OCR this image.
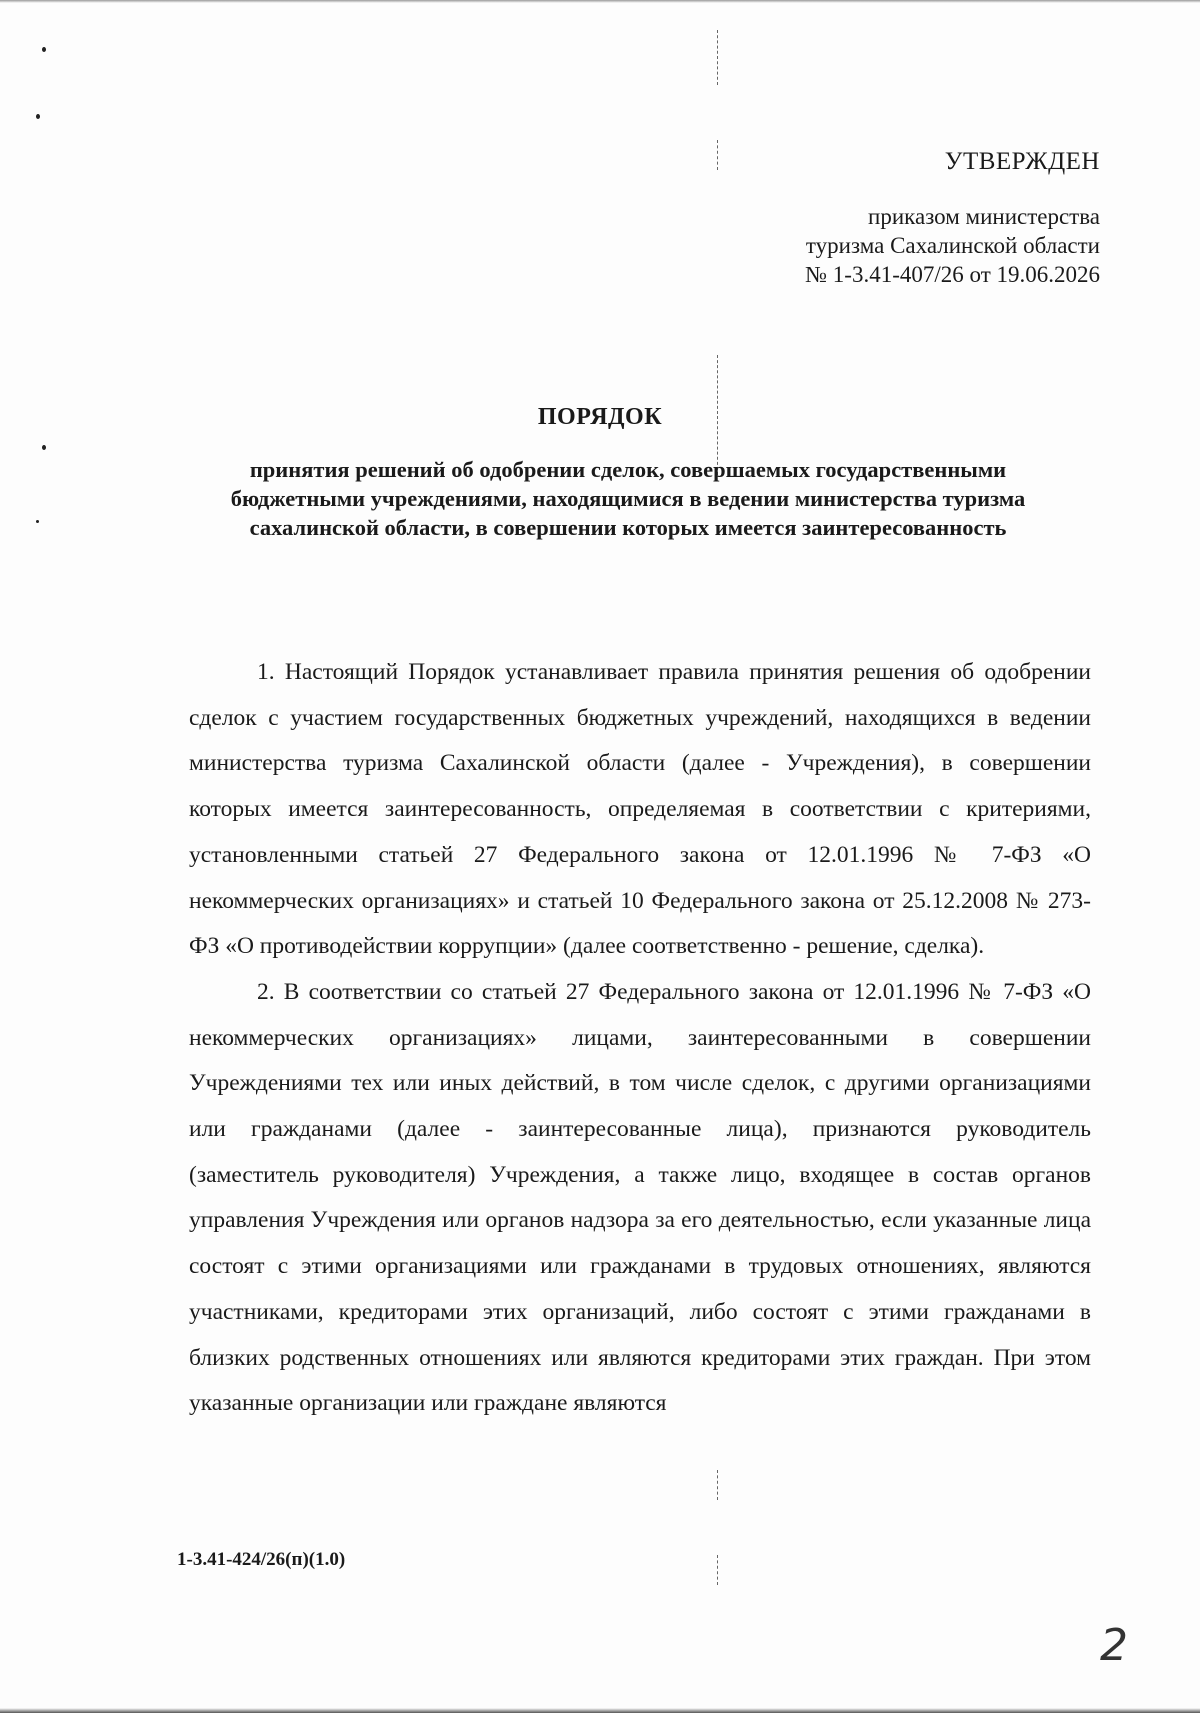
УТВЕРЖДЕН
приказом министерства
туризма Сахалинской области
№ 1-3.41-407/26 от 19.06.2026
ПОРЯДОК
принятия решений об одобрении сделок, совершаемых государственными бюджетными учреждениями, находящимися в ведении министерства туризма сахалинской области, в совершении которых имеется заинтересованность

1. Настоящий Порядок устанавливает правила принятия решения об одобрении сделок с участием государственных бюджетных учреждений, находящихся в ведении министерства туризма Сахалинской области (далее - Учреждения), в совершении которых имеется заинтересованность, определяемая в соответствии с критериями, установленными статьей 27 Федерального закона от 12.01.1996 № 7-ФЗ «О некоммерческих организациях» и статьей 10 Федерального закона от 25.12.2008 № 273-ФЗ «О противодействии коррупции» (далее соответственно - решение, сделка).

2. В соответствии со статьей 27 Федерального закона от 12.01.1996 № 7-ФЗ «О некоммерческих организациях» лицами, заинтересованными в совершении Учреждениями тех или иных действий, в том числе сделок, с другими организациями или гражданами (далее - заинтересованные лица), признаются руководитель (заместитель руководителя) Учреждения, а также лицо, входящее в состав органов управления Учреждения или органов надзора за его деятельностью, если указанные лица состоят с этими организациями или гражданами в трудовых отношениях, являются участниками, кредиторами этих организаций, либо состоят с этими гражданами в близких родственных отношениях или являются кредиторами этих граждан. При этом указанные организации или граждане являются

1-3.41-424/26(п)(1.0)
2
